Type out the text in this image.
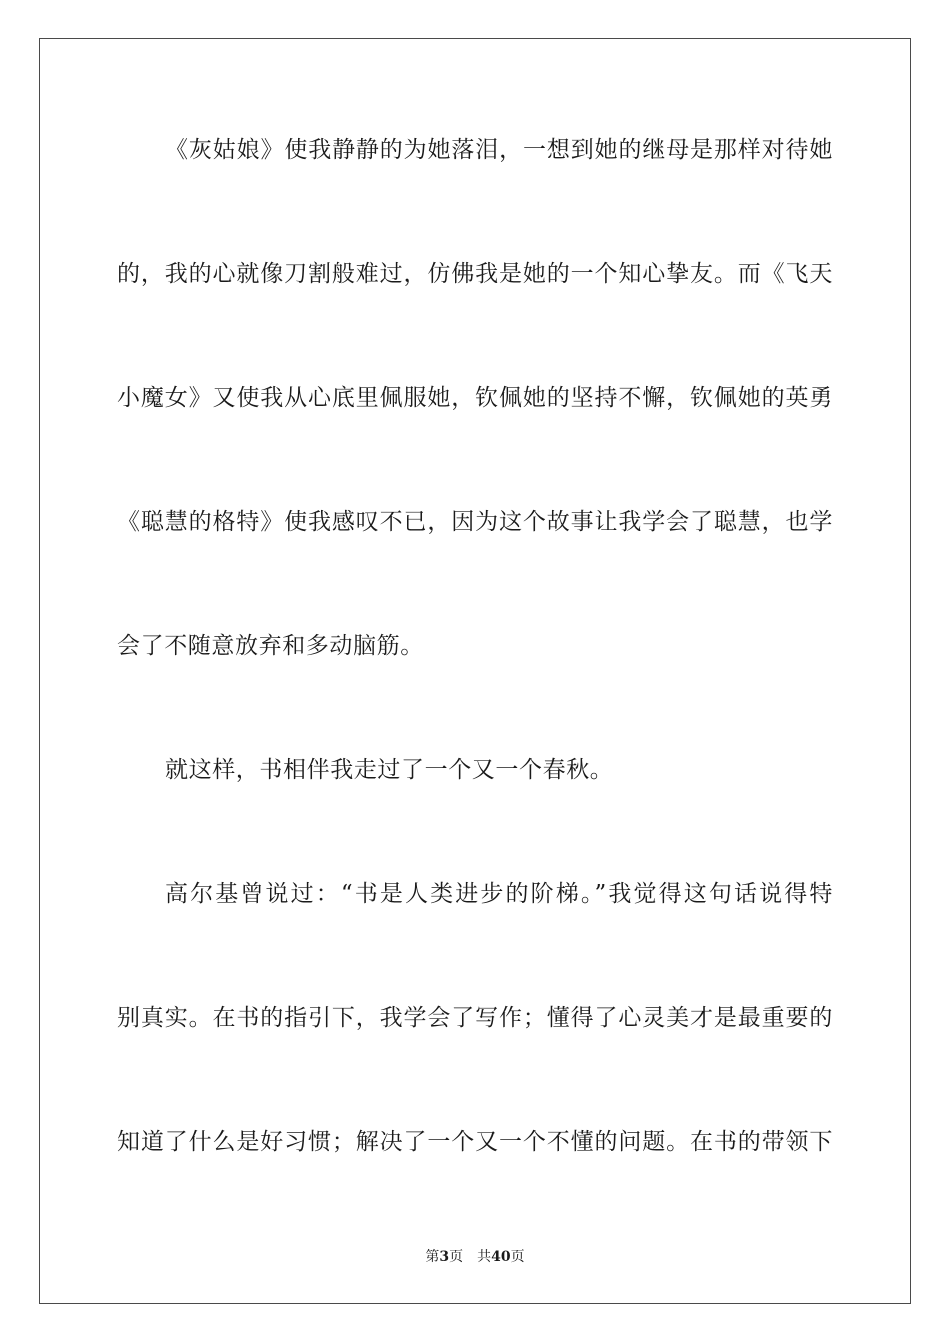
《灰姑娘》使我静静的为她落泪，一想到她的继母是那样对待她
的，我的心就像刀割般难过，仿佛我是她的一个知心挚友。而《飞天
小魔女》又使我从心底里佩服她，钦佩她的坚持不懈，钦佩她的英勇
《聪慧的格特》使我感叹不已，因为这个故事让我学会了聪慧，也学
会了不随意放弃和多动脑筋。
就这样，书相伴我走过了一个又一个春秋。
高尔基曾说过：“书是人类进步的阶梯。”我觉得这句话说得特
别真实。在书的指引下，我学会了写作；懂得了心灵美才是最重要的
知道了什么是好习惯；解决了一个又一个不懂的问题。在书的带领下
第3页 共40页
